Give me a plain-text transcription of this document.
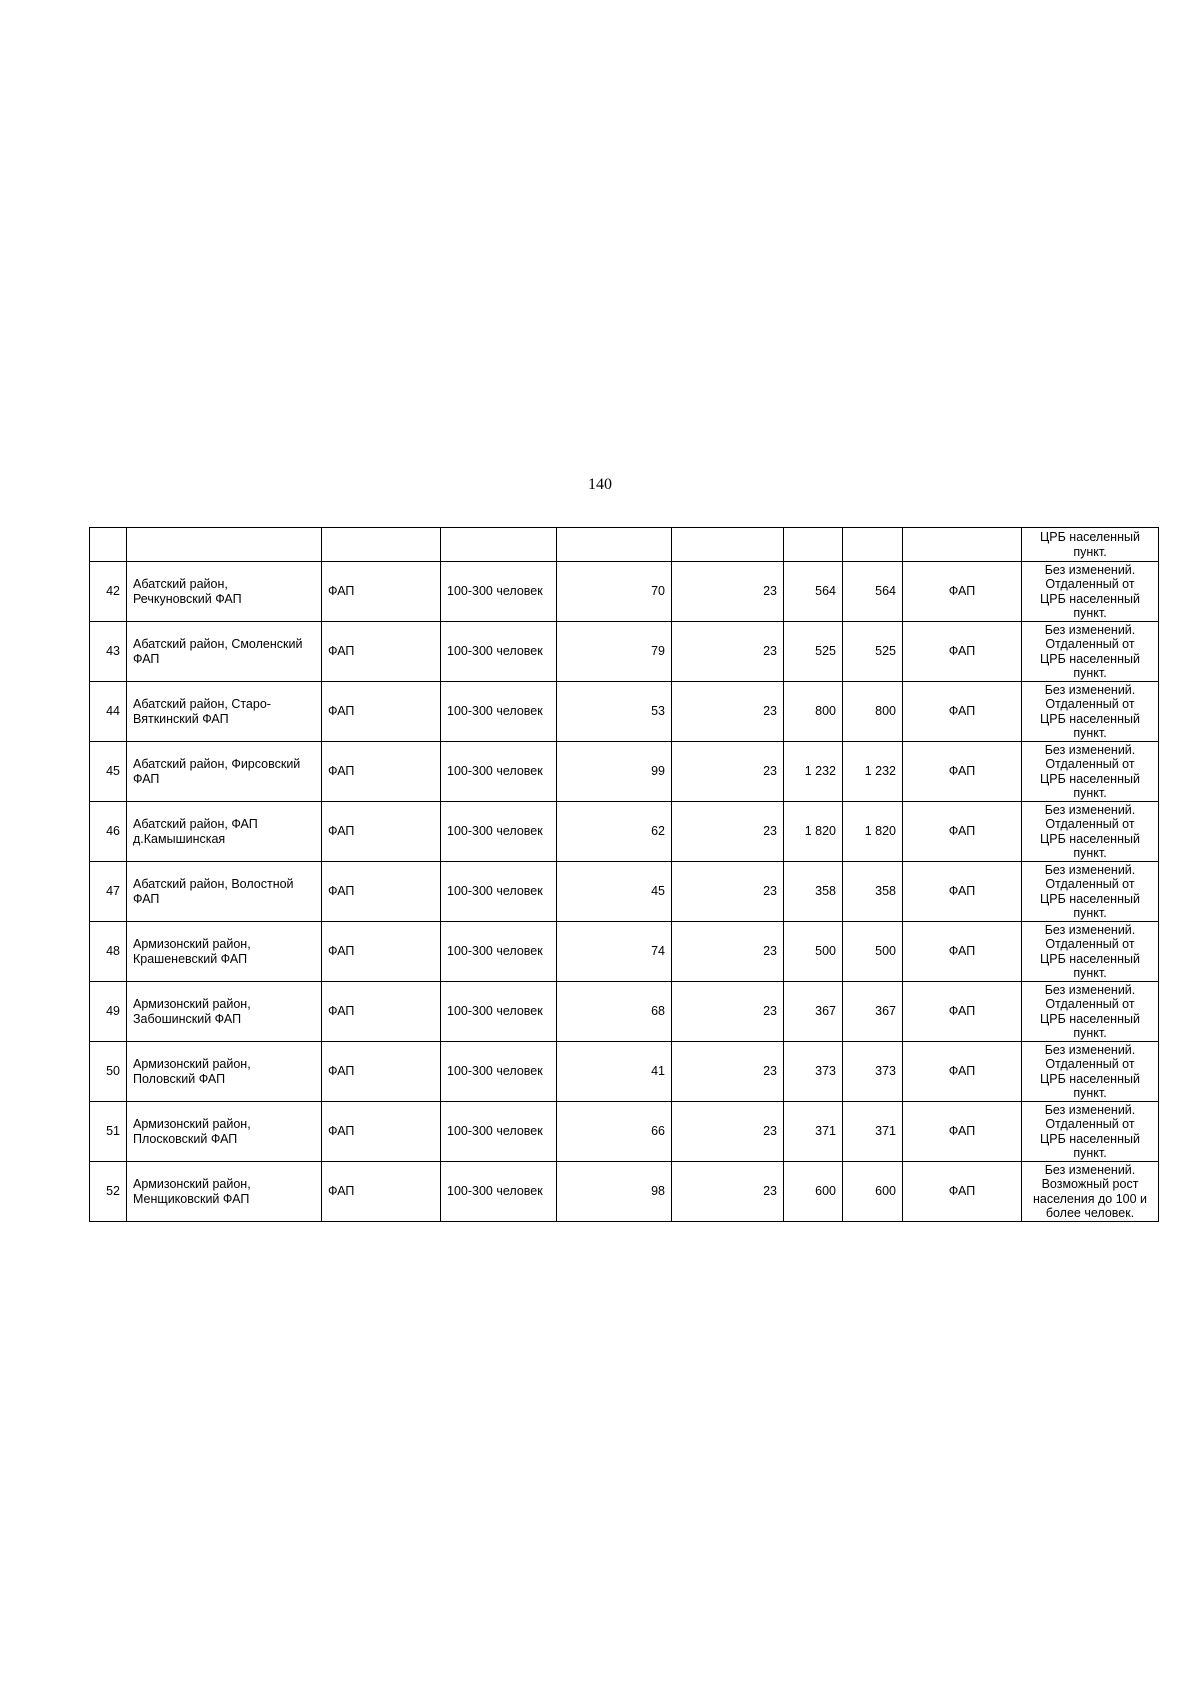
140

									ЦРБ населенный
пункт.

42	Абатский район,
Речкуновский ФАП	ФАП	100-300 человек	70	23	564	564	ФАП	Без изменений.
Отдаленный от
ЦРБ населенный
пункт.

43	Абатский район, Смоленский
ФАП	ФАП	100-300 человек	79	23	525	525	ФАП	Без изменений.
Отдаленный от
ЦРБ населенный
пункт.

44	Абатский район, Старо-
Вяткинский ФАП	ФАП	100-300 человек	53	23	800	800	ФАП	Без изменений.
Отдаленный от
ЦРБ населенный
пункт.

45	Абатский район, Фирсовский
ФАП	ФАП	100-300 человек	99	23	1 232	1 232	ФАП	Без изменений.
Отдаленный от
ЦРБ населенный
пункт.

46	Абатский район, ФАП
д.Камышинская	ФАП	100-300 человек	62	23	1 820	1 820	ФАП	Без изменений.
Отдаленный от
ЦРБ населенный
пункт.

47	Абатский район, Волостной
ФАП	ФАП	100-300 человек	45	23	358	358	ФАП	Без изменений.
Отдаленный от
ЦРБ населенный
пункт.

48	Армизонский район,
Крашеневский ФАП	ФАП	100-300 человек	74	23	500	500	ФАП	Без изменений.
Отдаленный от
ЦРБ населенный
пункт.

49	Армизонский район,
Забошинский ФАП	ФАП	100-300 человек	68	23	367	367	ФАП	Без изменений.
Отдаленный от
ЦРБ населенный
пункт.

50	Армизонский район,
Половский ФАП	ФАП	100-300 человек	41	23	373	373	ФАП	Без изменений.
Отдаленный от
ЦРБ населенный
пункт.

51	Армизонский район,
Плосковский ФАП	ФАП	100-300 человек	66	23	371	371	ФАП	Без изменений.
Отдаленный от
ЦРБ населенный
пункт.

52	Армизонский район,
Менщиковский ФАП	ФАП	100-300 человек	98	23	600	600	ФАП	Без изменений.
Возможный рост
населения до 100 и
более человек.
